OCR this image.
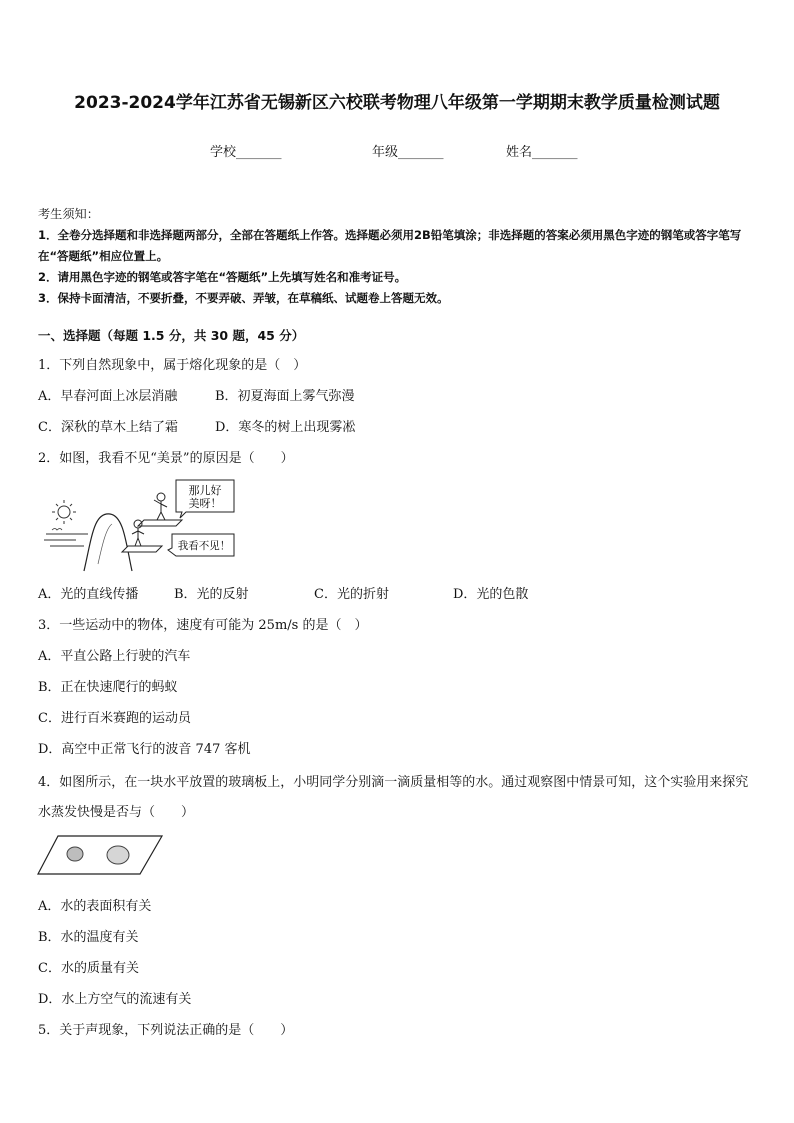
2023-2024学年江苏省无锡新区六校联考物理八年级第一学期期末教学质量检测试题
学校_______	年级_______	姓名_______
考生须知：
1．全卷分选择题和非选择题两部分，全部在答题纸上作答。选择题必须用2B铅笔填涂；非选择题的答案必须用黑色字迹的钢笔或答字笔写在“答题纸”相应位置上。
2．请用黑色字迹的钢笔或答字笔在“答题纸”上先填写姓名和准考证号。
3．保持卡面清洁，不要折叠，不要弄破、弄皱，在草稿纸、试题卷上答题无效。
一、选择题（每题 1.5 分，共 30 题，45 分）
1．下列自然现象中，属于熔化现象的是（　）
A．早春河面上冰层消融	B．初夏海面上雾气弥漫
C．深秋的草木上结了霜	D．寒冬的树上出现雾凇
2．如图，我看不见“美景”的原因是（　　）
那儿好
美呀！
我看不见！
A．光的直线传播	B．光的反射	C．光的折射	D．光的色散
3．一些运动中的物体，速度有可能为 25m/s 的是（　）
A．平直公路上行驶的汽车
B．正在快速爬行的蚂蚁
C．进行百米赛跑的运动员
D．高空中正常飞行的波音 747 客机
4．如图所示，在一块水平放置的玻璃板上，小明同学分别滴一滴质量相等的水。通过观察图中情景可知，这个实验用来探究水蒸发快慢是否与（　　）
A．水的表面积有关
B．水的温度有关
C．水的质量有关
D．水上方空气的流速有关
5．关于声现象，下列说法正确的是（　　）
